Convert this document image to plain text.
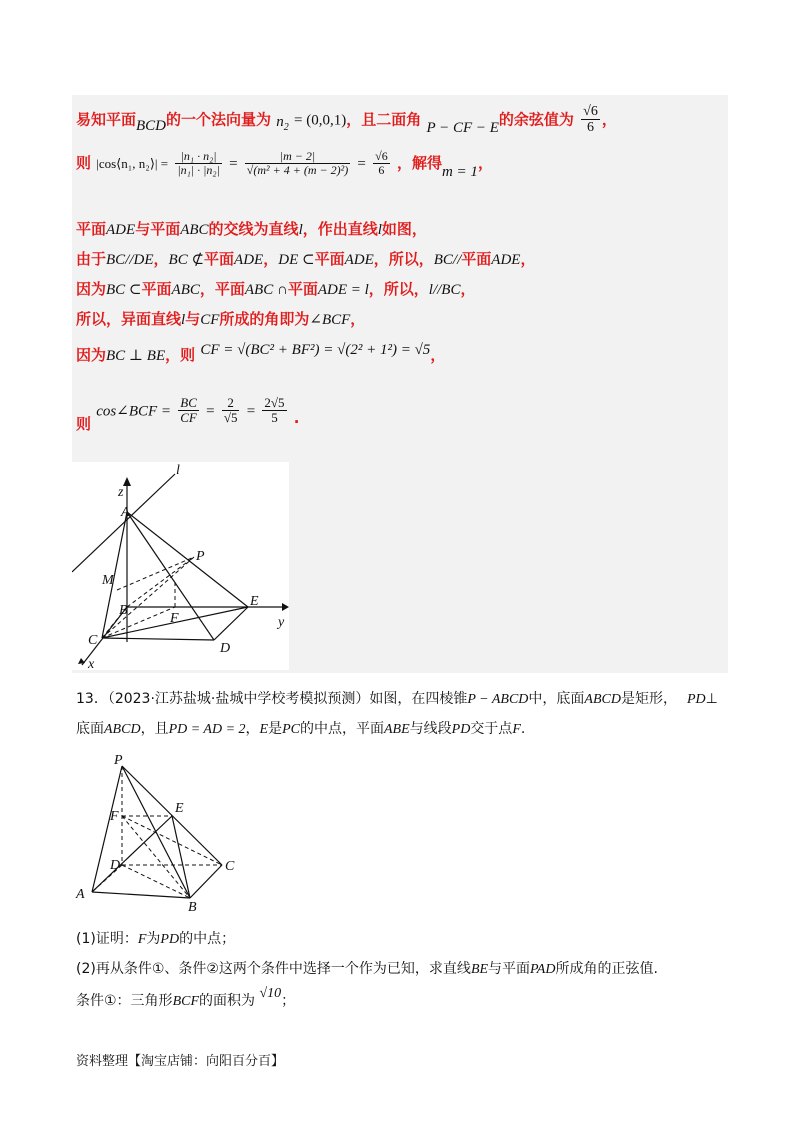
易知平面BCD的一个法向量为 $n_2 = (0,0,1)$，且二面角 P − CF − E的余弦值为 $\frac{√6}{6}$ ，
则 |cos⟨n₁, n₂⟩| = $\frac{\text{|n₁ · n₂|}}{\text{|n₁| · |n₂|}} = \frac{|m - 2|}{\text{√(m² + 4 + (m − 2)²)}} = \frac{√6}{6}$ ，解得m = 1，
平面ADE与平面ABC的交线为直线l，作出直线l如图，
由于BC//DE，BC ⊄平面ADE，DE ⊂平面ADE，所以，BC//平面ADE，
因为BC ⊂平面ABC，平面ABC ∩平面ADE = l，所以，l//BC，
所以，异面直线l与CF所成的角即为∠BCF，
因为BC ⊥ BE，则 CF = √(BC² + BF²) = √(2² + 1²) = √5，
则 cos∠BCF = $\frac{BC}{CF} = \frac{2}{√5} = \frac{2√5}{5}$ .
l
z
A
P
M
B
F
E
y
C
D
x
13．（2023·江苏盐城·盐城中学校考模拟预测）如图，在四棱锥P − ABCD中，底面ABCD是矩形， PD⊥
底面ABCD，且PD = AD = 2，E是PC的中点，平面ABE与线段PD交于点F.
P
E
F
D	C
A
B
(1)证明：F为PD的中点；
(2)再从条件①、条件②这两个条件中选择一个作为已知，求直线BE与平面PAD所成角的正弦值.
条件①：三角形BCF的面积为 √10；
资料整理【淘宝店铺：向阳百分百】
